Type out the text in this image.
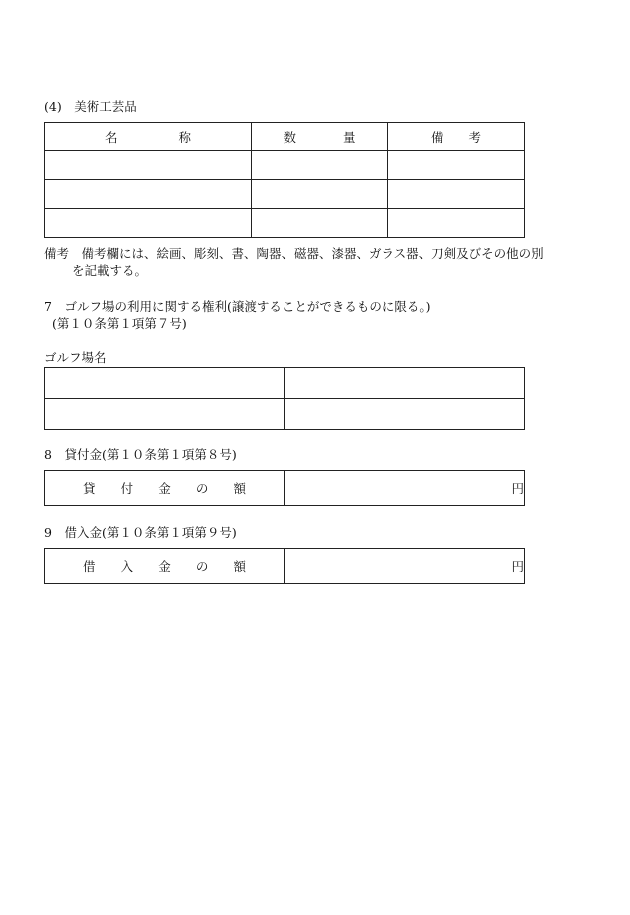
(4)　美術工芸品
名 称	数 量	備 考

備考　備考欄には、絵画、彫刻、書、陶器、磁器、漆器、ガラス器、刀剣及びその他の別
を記載する。
7　ゴルフ場の利用に関する権利(譲渡することができるものに限る。)
(第１０条第１項第７号)
ゴルフ場名

8　貸付金(第１０条第１項第８号)
貸 付 金 の 額	円
9　借入金(第１０条第１項第９号)
借 入 金 の 額	円
